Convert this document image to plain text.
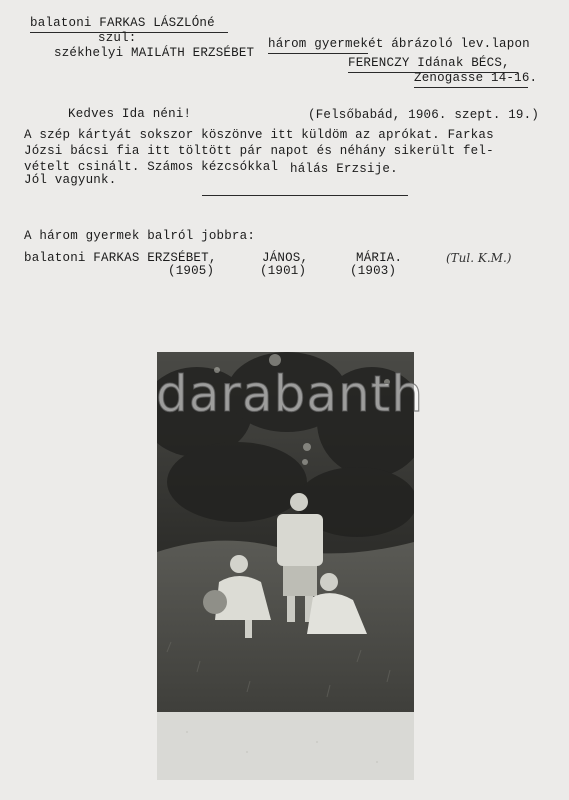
balatoni FARKAS LÁSZLÓné
szül:
székhelyi MAILÁTH ERZSÉBET
három gyermekét ábrázoló lev.lapon
FERENCZY Idának BÉCS,
Zenogasse 14-16.
Kedves Ida néni!	(Felsőbabád, 1906. szept. 19.)
A szép kártyát sokszor köszönve itt küldöm az aprókat. Farkas
Józsi bácsi fia itt töltött pár napot és néhány sikerült fel-
vételt csinált. Számos kézcsókkal hálás Erzsije.
Jól vagyunk.
A három gyermek balról jobbra:
balatoni FARKAS ERZSÉBET,
(1905)
JÁNOS,
(1901)
MÁRIA.
(1903)
(Tul. K.M.)
darabanth
